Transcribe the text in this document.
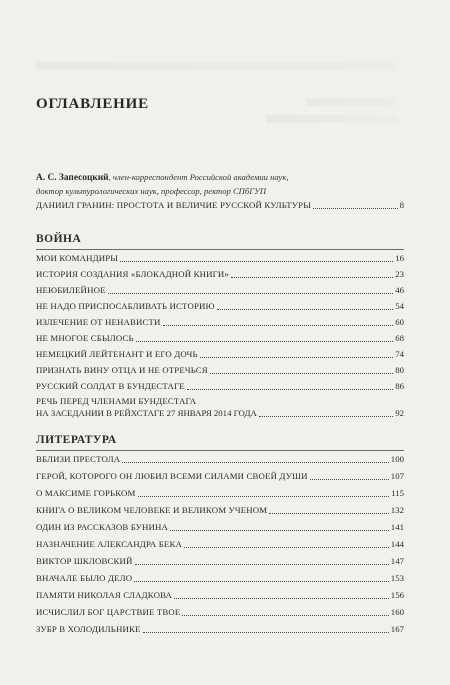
ОГЛАВЛЕНИЕ
А. С. Запесоцкий, член-корреспондент Российской академии наук,
доктор культурологических наук, профессор, ректор СПбГУП
ДАНИИЛ ГРАНИН: ПРОСТОТА И ВЕЛИЧИЕ РУССКОЙ КУЛЬТУРЫ	8
ВОЙНА
МОИ КОМАНДИРЫ	16
ИСТОРИЯ СОЗДАНИЯ «БЛОКАДНОЙ КНИГИ»	23
НЕЮБИЛЕЙНОЕ	46
НЕ НАДО ПРИСПОСАБЛИВАТЬ ИСТОРИЮ	54
ИЗЛЕЧЕНИЕ ОТ НЕНАВИСТИ	60
НЕ МНОГОЕ СБЫЛОСЬ	68
НЕМЕЦКИЙ ЛЕЙТЕНАНТ И ЕГО ДОЧЬ	74
ПРИЗНАТЬ ВИНУ ОТЦА И НЕ ОТРЕЧЬСЯ	80
РУССКИЙ СОЛДАТ В БУНДЕСТАГЕ	86
РЕЧЬ ПЕРЕД ЧЛЕНАМИ БУНДЕСТАГА
НА ЗАСЕДАНИИ В РЕЙХСТАГЕ 27 ЯНВАРЯ 2014 ГОДА	92
ЛИТЕРАТУРА
ВБЛИЗИ ПРЕСТОЛА	100
ГЕРОЙ, КОТОРОГО ОН ЛЮБИЛ ВСЕМИ СИЛАМИ СВОЕЙ ДУШИ	107
О МАКСИМЕ ГОРЬКОМ	115
КНИГА О ВЕЛИКОМ ЧЕЛОВЕКЕ И ВЕЛИКОМ УЧЕНОМ	132
ОДИН ИЗ РАССКАЗОВ БУНИНА	141
НАЗНАЧЕНИЕ АЛЕКСАНДРА БЕКА	144
ВИКТОР ШКЛОВСКИЙ	147
ВНАЧАЛЕ БЫЛО ДЕЛО	153
ПАМЯТИ НИКОЛАЯ СЛАДКОВА	156
ИСЧИСЛИЛ БОГ ЦАРСТВИЕ ТВОЕ	160
ЗУБР В ХОЛОДИЛЬНИКЕ	167
